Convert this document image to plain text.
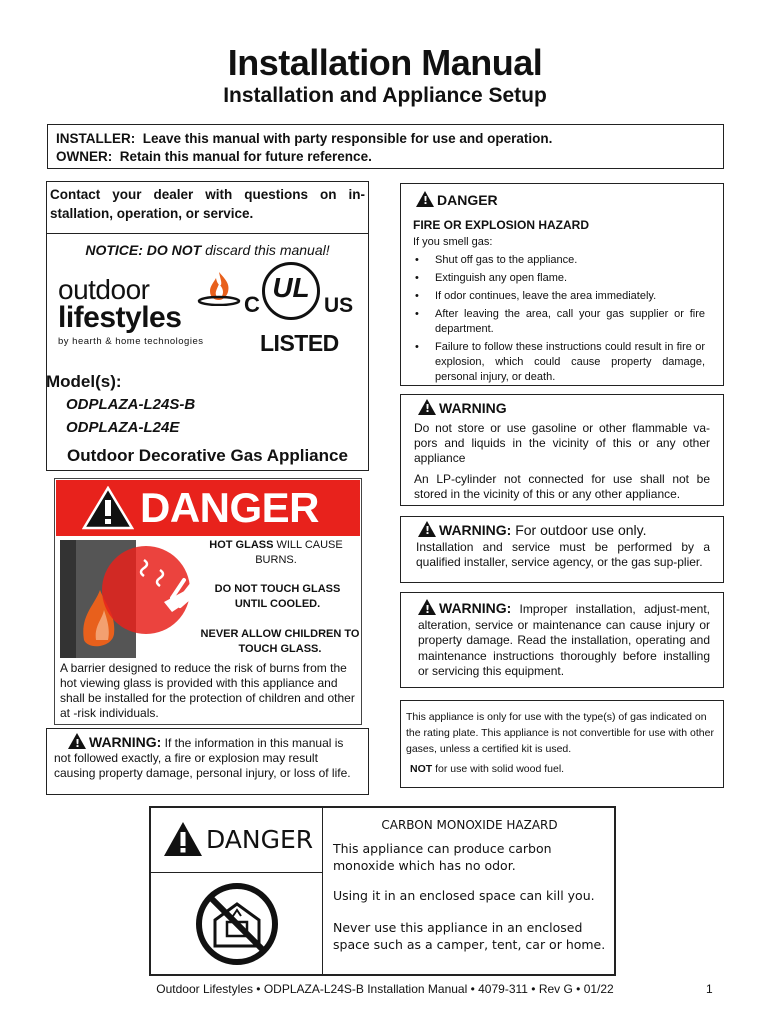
Installation Manual
Installation and Appliance Setup
INSTALLER: Leave this manual with party responsible for use and operation.
OWNER: Retain this manual for future reference.
Contact your dealer with questions on in-stallation, operation, or service.
NOTICE: DO NOT discard this manual!
outdoor
lifestyles
by hearth & home technologies
UL
C	US
LISTED
Model(s):
ODPLAZA-L24S-B
ODPLAZA-L24E
Outdoor Decorative Gas Appliance
DANGER
HOT GLASS WILL CAUSE BURNS.
DO NOT TOUCH GLASS UNTIL COOLED.
NEVER ALLOW CHILDREN TO TOUCH GLASS.
A barrier designed to reduce the risk of burns from the hot viewing glass is provided with this appliance and shall be installed for the protection of children and other at -risk individuals.
!WARNING: If the information in this manual is not followed exactly, a fire or explosion may result causing property damage, personal injury, or loss of life.
!DANGER
FIRE OR EXPLOSION HAZARD
If you smell gas:
• Shut off gas to the appliance.
• Extinguish any open flame.
• If odor continues, leave the area immediately.
• After leaving the area, call your gas supplier or fire department.
• Failure to follow these instructions could result in fire or explosion, which could cause property damage, personal injury, or death.
!WARNING
Do not store or use gasoline or other flammable va-pors and liquids in the vicinity of this or any other appliance
An LP-cylinder not connected for use shall not be stored in the vicinity of this or any other appliance.
!WARNING: For outdoor use only.
Installation and service must be performed by a qualified installer, service agency, or the gas sup-plier.
!WARNING: Improper installation, adjust-ment, alteration, service or maintenance can cause injury or property damage. Read the installation, operating and maintenance instructions thoroughly before installing or servicing this equipment.
This appliance is only for use with the type(s) of gas indicated on the rating plate. This appliance is not convertible for use with other gases, unless a certified kit is used.
NOT for use with solid wood fuel.
DANGER	CARBON MONOXIDE HAZARD
This appliance can produce carbon monoxide which has no odor.
Using it in an enclosed space can kill you.
Never use this appliance in an enclosed space such as a camper, tent, car or home.
Outdoor Lifestyles • ODPLAZA-L24S-B Installation Manual • 4079-311 • Rev G • 01/22	1
